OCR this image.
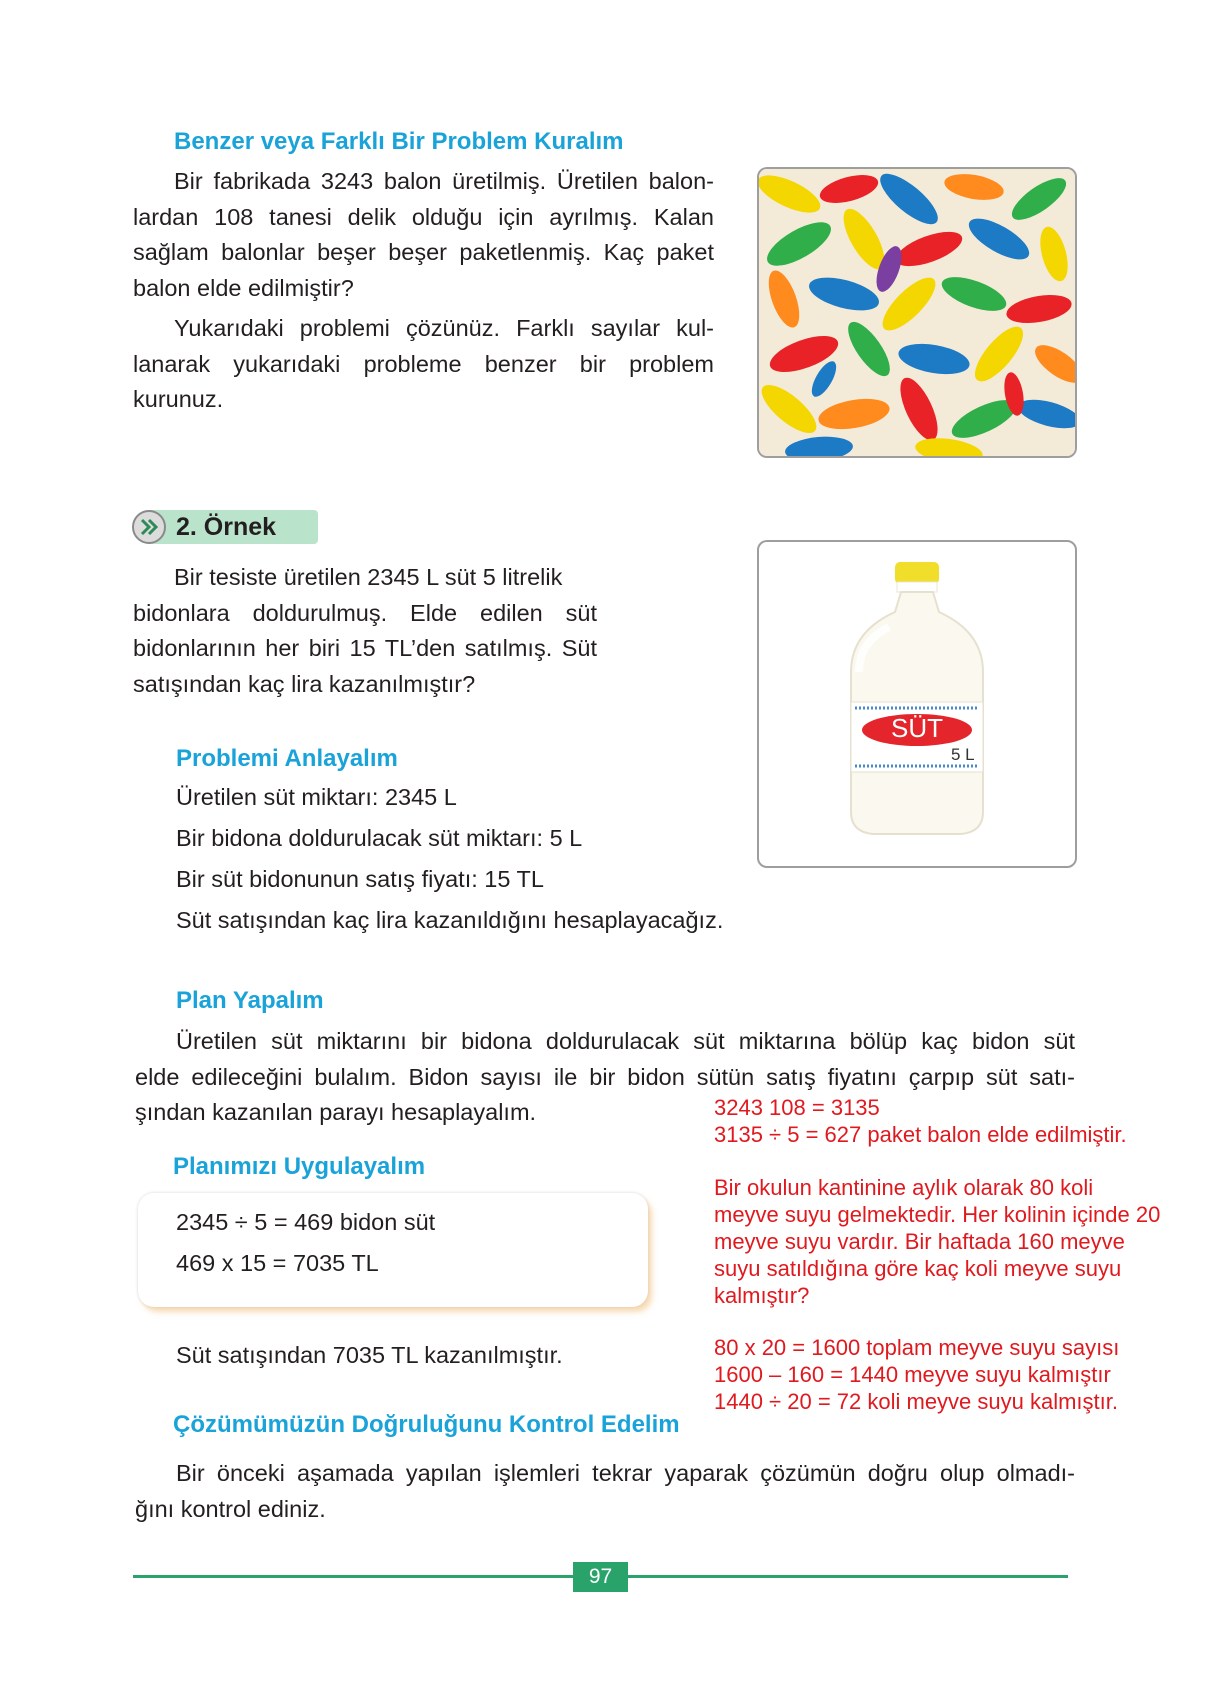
Benzer veya Farklı Bir Problem Kuralım
Bir fabrikada 3243 balon üretilmiş. Üretilen balon-
lardan 108 tanesi delik olduğu için ayrılmış. Kalan sağlam balonlar beşer beşer paketlenmiş. Kaç paket balon elde edilmiştir?
Yukarıdaki problemi çözünüz. Farklı sayılar kul-
lanarak yukarıdaki probleme benzer bir problem kurunuz.
2. Örnek
Bir tesiste üretilen 2345 L süt 5 litrelik
bidonlara doldurulmuş. Elde edilen süt bidonlarının her biri 15 TL’den satılmış. Süt satışından kaç lira kazanılmıştır?
SÜT
5 L
Problemi Anlayalım
Üretilen süt miktarı: 2345 L
Bir bidona doldurulacak süt miktarı: 5 L
Bir süt bidonunun satış fiyatı: 15 TL
Süt satışından kaç lira kazanıldığını hesaplayacağız.
Plan Yapalım
Üretilen süt miktarını bir bidona doldurulacak süt miktarına bölüp kaç bidon süt
elde edileceğini bulalım. Bidon sayısı ile bir bidon sütün satış fiyatını çarpıp süt satı-
şından kazanılan parayı hesaplayalım.
Planımızı Uygulayalım
2345 ÷ 5 = 469 bidon süt
469 x 15 = 7035 TL
Süt satışından 7035 TL kazanılmıştır.
Çözümümüzün Doğruluğunu Kontrol Edelim
Bir önceki aşamada yapılan işlemleri tekrar yaparak çözümün doğru olup olmadı-
ğını kontrol ediniz.
3243 108 = 3135
3135 ÷ 5 = 627 paket balon elde edilmiştir.
Bir okulun kantinine aylık olarak 80 koli
meyve suyu gelmektedir. Her kolinin içinde 20
meyve suyu vardır. Bir haftada 160 meyve
suyu satıldığına göre kaç koli meyve suyu
kalmıştır?
80 x 20 = 1600 toplam meyve suyu sayısı
1600 – 160 = 1440 meyve suyu kalmıştır
1440 ÷ 20 = 72 koli meyve suyu kalmıştır.
97
